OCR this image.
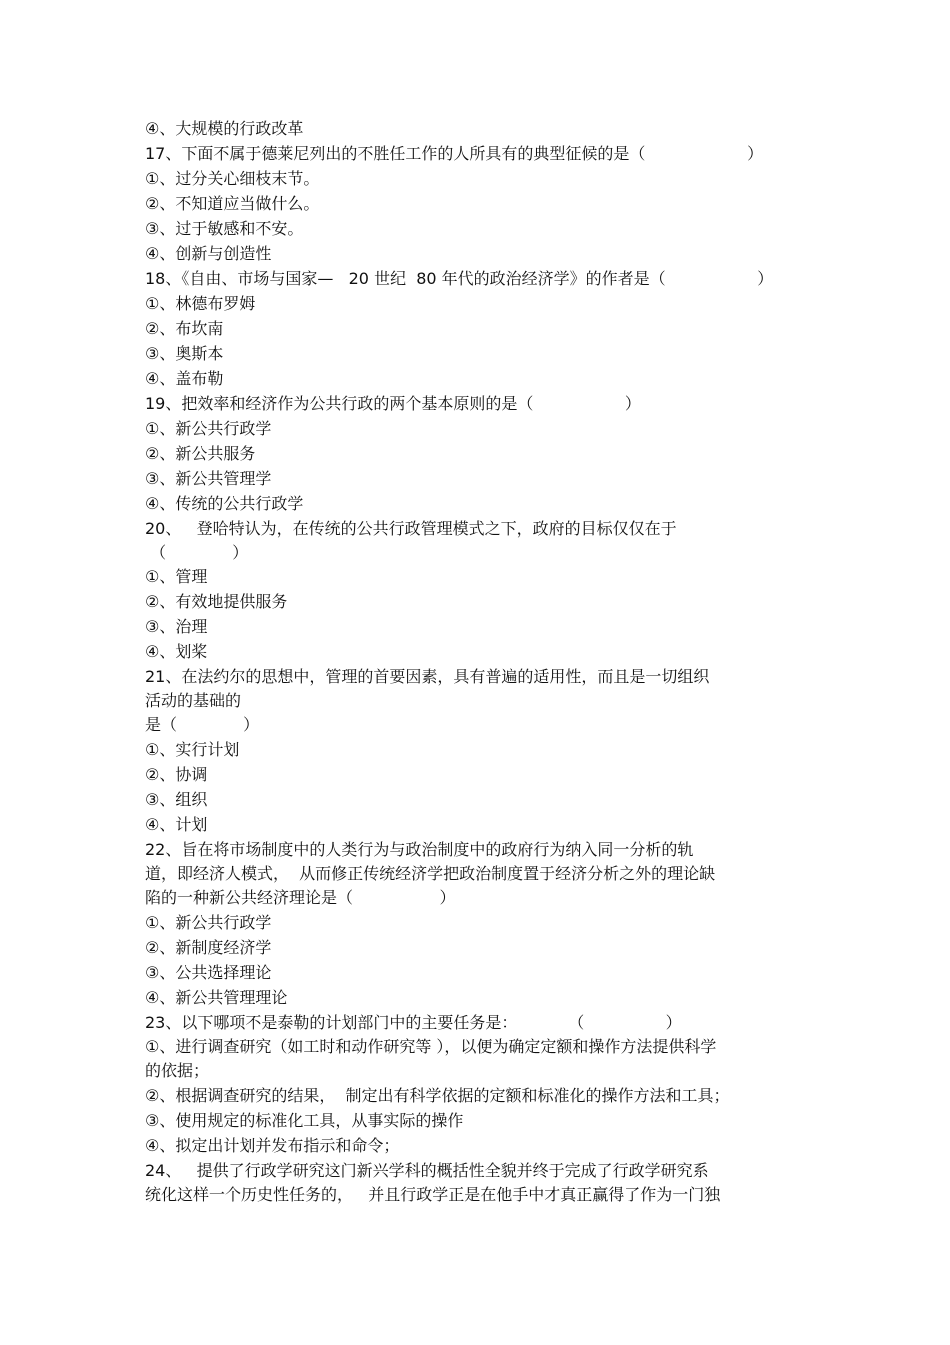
④、大规模的行政改革
17、下面不属于德莱尼列出的不胜任工作的人所具有的典型征候的是（                    ）
①、过分关心细枝末节。
②、不知道应当做什么。
③、过于敏感和不安。
④、创新与创造性
18、《自由、市场与国家—   20 世纪  80 年代的政治经济学》的作者是（                  ）
①、林德布罗姆
②、布坎南
③、奥斯本
④、盖布勒
19、把效率和经济作为公共行政的两个基本原则的是（                  ）
①、新公共行政学
②、新公共服务
③、新公共管理学
④、传统的公共行政学
20、   登哈特认为，在传统的公共行政管理模式之下，政府的目标仅仅在于
（             ）
①、管理
②、有效地提供服务
③、治理
④、划桨
21、在法约尔的思想中，管理的首要因素，具有普遍的适用性，而且是一切组织
活动的基础的
是（             ）
①、实行计划
②、协调
③、组织
④、计划
22、旨在将市场制度中的人类行为与政治制度中的政府行为纳入同一分析的轨
道，即经济人模式，  从而修正传统经济学把政治制度置于经济分析之外的理论缺
陷的一种新公共经济理论是（                 ）
①、新公共行政学
②、新制度经济学
③、公共选择理论
④、新公共管理理论
23、以下哪项不是泰勒的计划部门中的主要任务是：          （                ）
①、进行调查研究（如工时和动作研究等 ），以便为确定定额和操作方法提供科学
的依据；
②、根据调查研究的结果，  制定出有科学依据的定额和标准化的操作方法和工具；
③、使用规定的标准化工具，从事实际的操作
④、拟定出计划并发布指示和命令；
24、   提供了行政学研究这门新兴学科的概括性全貌并终于完成了行政学研究系
统化这样一个历史性任务的，   并且行政学正是在他手中才真正赢得了作为一门独
